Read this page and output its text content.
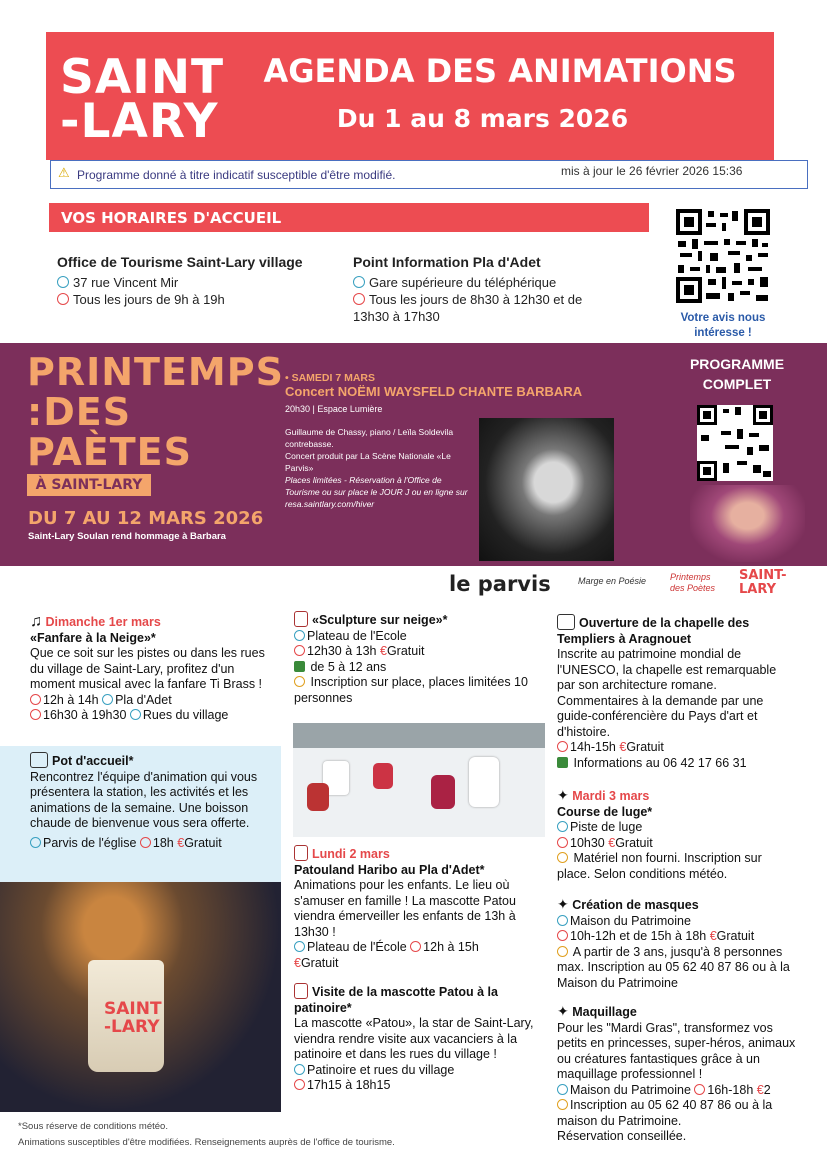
SAINT
-LARY
AGENDA DES ANIMATIONS
Du 1 au 8 mars 2026
⚠ Programme donné à titre indicatif susceptible d'être modifié.	mis à jour le 26 février 2026 15:36
VOS HORAIRES D'ACCUEIL
Office de Tourisme Saint-Lary village
37 rue Vincent Mir
Tous les jours de 9h à 19h
Point Information Pla d'Adet
Gare supérieure du téléphérique
Tous les jours de 8h30 à 12h30 et de 13h30 à 17h30	Votre avis nous intéresse !
PRINTEMPS
:DES
PAÈTES
À SAINT-LARY
DU 7 AU 12 MARS 2026
Saint-Lary Soulan rend hommage à Barbara
• SAMEDI 7 MARS
Concert NOËMI WAYSFELD CHANTE BARBARA
20h30 | Espace Lumière
Guillaume de Chassy, piano / Leïla Soldevila contrebasse.
Concert produit par La Scène Nationale «Le Parvis»
Places limitées - Réservation à l'Office de Tourisme ou sur place le JOUR J ou en ligne sur resa.saintlary.com/hiver
PROGRAMME COMPLET
le parvis	Marge en Poésie	Printemps des Poètes
SAINT-LARY
♫ Dimanche 1er mars
«Fanfare à la Neige»*
Que ce soit sur les pistes ou dans les rues du village de Saint-Lary, profitez d'un moment musical avec la fanfare Ti Brass !
12h à 14h Pla d'Adet
16h30 à 19h30 Rues du village
Pot d'accueil*
Rencontrez l'équipe d'animation qui vous présentera la station, les activités et les animations de la semaine. Une boisson chaude de bienvenue vous sera offerte.
Parvis de l'église 18h €Gratuit
SAINT
-LARY
«Sculpture sur neige»*
Plateau de l'Ecole
12h30 à 13h €Gratuit
de 5 à 12 ans
Inscription sur place, places limitées 10 personnes
Lundi 2 mars
Patouland Haribo au Pla d'Adet*
Animations pour les enfants. Le lieu où s'amuser en famille ! La mascotte Patou viendra émerveiller les enfants de 13h à 13h30 !
Plateau de l'École 12h à 15h
€Gratuit
Visite de la mascotte Patou à la patinoire*
La mascotte «Patou», la star de Saint-Lary, viendra rendre visite aux vacanciers à la patinoire et dans les rues du village !
Patinoire et rues du village
17h15 à 18h15
Ouverture de la chapelle des Templiers à Aragnouet
Inscrite au patrimoine mondial de l'UNESCO, la chapelle est remarquable par son architecture romane. Commentaires à la demande par une guide-conférencière du Pays d'art et d'histoire.
14h-15h €Gratuit
Informations au 06 42 17 66 31
✦ Mardi 3 mars
Course de luge*
Piste de luge
10h30 €Gratuit
Matériel non fourni. Inscription sur place. Selon conditions météo.
✦ Création de masques
Maison du Patrimoine
10h-12h et de 15h à 18h €Gratuit
A partir de 3 ans, jusqu'à 8 personnes max. Inscription au 05 62 40 87 86 ou à la Maison du Patrimoine
✦ Maquillage
Pour les "Mardi Gras", transformez vos petits en princesses, super-héros, animaux ou créatures fantastiques grâce à un maquillage professionnel !
Maison du Patrimoine 16h-18h €2
Inscription au 05 62 40 87 86 ou à la maison du Patrimoine.
Réservation conseillée.
*Sous réserve de conditions météo.
Animations susceptibles d'être modifiées. Renseignements auprès de l'office de tourisme.
